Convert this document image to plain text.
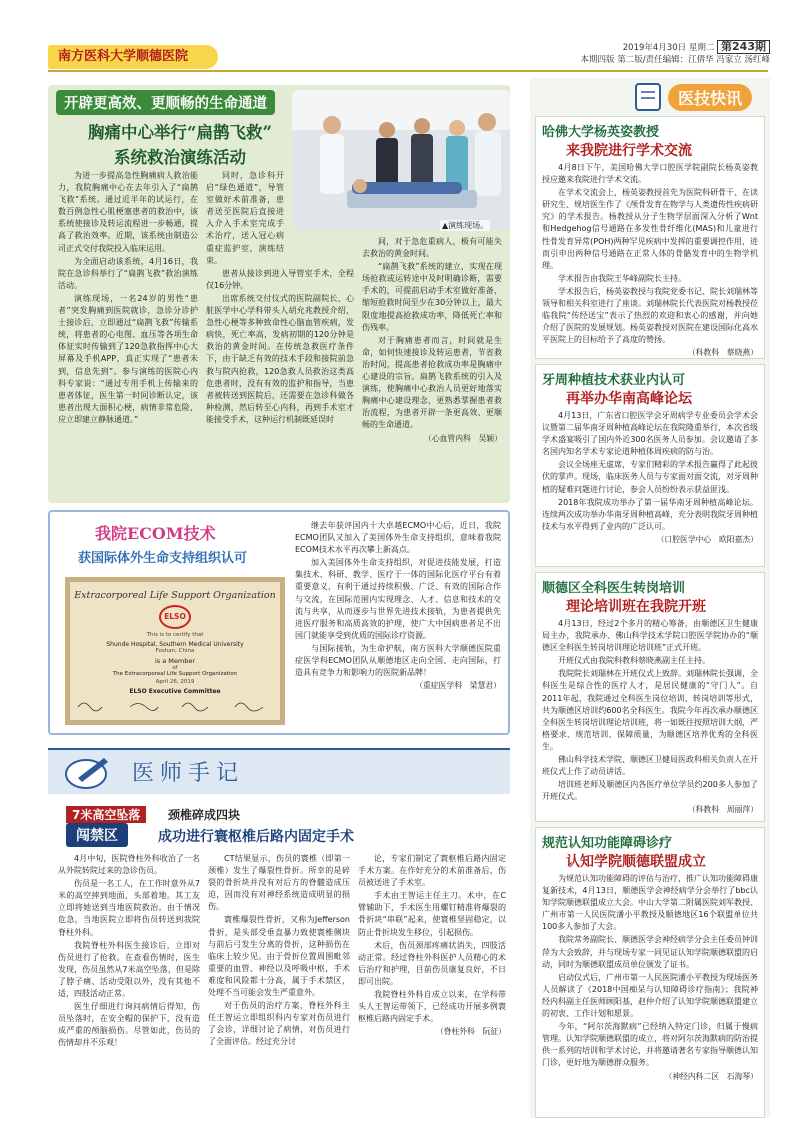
南方医科大学顺德医院
2019年4月30日 星期二 第243期
本期四版 第二版/责任编辑：江倩华 冯家立 汤红峰
开辟更高效、更顺畅的生命通道
胸痛中心举行“扁鹊飞救”
系统救治演练活动
▲演练现场。

为进一步提高急性胸痛病人救治能力，我院胸痛中心在去年引入了“扁鹊飞救”系统。通过近半年的试运行，在数百例急性心肌梗塞患者的救治中，该系统使接诊及转运流程进一步畅通，提高了救治效率。近期，该系统由制造公司正式交付我院投入临床运用。

为全面启动该系统，4月16日，我院在急诊科举行了“扁鹊飞救”救治演练活动。

演练现场，一名24岁的男性“患者”突发胸痛到医院就诊，急诊分诊护士接诊后，立即通过“扁鹊飞救”传输系统，将患者的心电图、血压等各项生命体征实时传输到了120急救指挥中心大屏幕及手机APP，真正实现了“患者未到，信息先到”。参与演练的医院心内科专家说：“通过专用手机上传输来的患者体征，医生第一时间诊断认定，该患者出现大面积心梗，病情非常危险，应立即建立静脉通道。”

同时，急诊科开启“绿色通道”，导管室做好术前准备，患者送至医院后直接进入介入手术室完成手术治疗，送入冠心病重症监护室，演练结束。

患者从接诊到进入导管室手术，全程仅16分钟。

出席系统交付仪式的医院副院长、心脏医学中心学科带头人胡允兆教授介绍，急性心梗等多种致命性心脑血管疾病，发病快，死亡率高，发病初期的120分钟是救治的黄金时间。在传统急救医疗条件下，由于缺乏有效的技术手段和接院前急救与院内抢救，120急救人员救治这类高危患者时，没有有效的监护和指导，当患者被转送到医院后，还需要在急诊科做各种检测，然后转至心内科，再到手术室才能接受手术，这种运行机制既延误时

间，对于急危重病人，极有可能失去救治的黄金时间。

“扁鹊飞救”系统的建立，实现在现场抢救或运转途中及时明确诊断，需要手术的，可提前启动手术室做好准备，缩短抢救时间至少在30分钟以上，最大限度地提高抢救成功率，降低死亡率和伤残率。

对于胸痛患者而言，时间就是生命，如何快速接诊及转运患者，节省救治时间，提高患者抢救成功率是胸痛中心建设的宗旨。扁鹊飞救系统的引入及演练，使胸痛中心救治人员更好地落实胸痛中心建设理念，更熟悉掌握患者救治流程，为患者开辟一条更高效、更顺畅的生命通道。

（心血管内科　吴颖）

我院ECOM技术
获国际体外生命支持组织认可
Extracorporeal Life Support Organization
ELSO
This is to certify that
Shunde Hospital, Southern Medical University
Foshan, China
is a Member
of
The Extracorporeal Life Support Organization
April 26, 2019
ELSO Executive Committee

继去年获评国内十大卓越ECMO中心后，近日，我院ECMO团队又加入了美国体外生命支持组织，意味着我院ECOM技术水平再次攀上新高点。

加入美国体外生命支持组织，对促进技能发展，打造集技术、科研、教学、医疗于一体的国际化医疗平台有着重要意义，有利于通过持续积极、广泛、有效的国际合作与交流，在国际范围内实现理念、人才、信息和技术的交流与共享，从而逐步与世界先进技术接轨，为患者提供先进医疗服务和高质高效的护理，使广大中国病患者足不出国门就能享受到优质的国际诊疗资源。

与国际接轨，为生命护航，南方医科大学顺德医院重症医学科ECMO团队从顺德地区走向全国、走向国际，打造具有竞争力和影响力的医院新品牌！

（重症医学科　梁慧君）

医师手记
7米高空坠落	颈椎碎成四块
闯禁区	成功进行寰枢椎后路内固定手术

4月中旬，医院脊柱外科收治了一名从外院转院过来的急诊伤员。

伤员是一名工人，在工作时意外从7米的高空摔到地面，头部着地。其工友立即将她送到当地医院救治。由于情况危急，当地医院立即将伤员转送到我院脊柱外科。

我院脊柱外科医生接诊后，立即对伤员进行了抢救。在查看伤情时，医生发现，伤员虽然从7米高空坠落，但是除了脖子痛、活动受限以外，没有其他不适，四肢活动正常。

医生仔细进行询问病情后得知，伤员坠落时，在安全帽的保护下，没有造成严重的颅脑损伤。尽管如此，伤员的伤情却并不乐观！

CT结果显示，伤员的寰椎（即第一颈椎）发生了爆裂性骨折。所幸的是碎裂的骨折块并没有对后方的脊髓造成压迫，因而没有对神经系统造成明显的损伤。

寰椎爆裂性骨折，又称为Jefferson骨折，是头部受垂直暴力致使寰椎侧块与前后弓发生分离的骨折，这种损伤在临床上较少见。由于骨折位置周围毗邻重要的血管、神经以及呼吸中枢，手术难度和风险都十分高，属于手术禁区，处理不当可能会发生严重意外。

对于伤员的治疗方案，脊柱外科主任王智运立即组织科内专家对伤员进行了会诊，详细讨论了病情，对伤员进行了全面评估。经过充分讨

论，专家们制定了寰枢椎后路内固定手术方案。在作好充分的术前准备后，伤员被送进了手术室。

手术由王智运主任主刀。术中，在C臂辅助下，手术医生用螺钉精准将爆裂的骨折块“串联”起来，使寰椎坚固稳定，以防止骨折块发生移位，引起损伤。

术后，伤员颈部疼痛状消失，四肢活动正常。经过脊柱外科医护人员精心的术后治疗和护理，目前伤员康复良好，不日即可出院。

我院脊柱外科自成立以来，在学科带头人王智运带领下，已经成功开展多例寰枢椎后路内固定手术。

（脊柱外科　阮征）

医技快讯
哈佛大学杨英姿教授
来我院进行学术交流

4月8日下午，美国哈佛大学口腔医学院副院长杨英姿教授应邀来我院进行学术交流。

在学术交流会上，杨英姿教授首先为医院科研骨干、在读研究生、规培医生作了《颅骨发育在物学与人类遗传性疾病研究》的学术报告。杨教授从分子生物学层面深入分析了Wnt和Hedgehog信号通路在多发性骨纤维化(MAS)和儿童进行性骨发育异常(POH)两种罕见疾病中发挥的重要调控作用，进而引申出两种信号通路在正常人体的骨骼发育中的生物学机理。

学术报告由我院王华峰副院长主持。

学术报告后，杨英姿教授与我院党委书记、院长刘瑞林等领导和相关科室进行了座谈。刘瑞林院长代表医院对杨教授莅临我院“传经送宝”表示了热烈的欢迎和衷心的感谢，并向她介绍了医院的发展规划。杨英姿教授对医院在建设国际化高水平医院上的目标给予了高度的赞扬。

（科教科　蔡晓燕）

牙周种植技术获业内认可
再举办华南高峰论坛

4月13日，广东省口腔医学会牙周病学专业委员会学术会议暨第二届华南牙周种植高峰论坛在我院隆重举行，本次省级学术盛宴吸引了国内外近300名医务人员参加。会议邀请了多名国内知名学术专家论道种植体周疾病的防与治。

会议全场座无虚席，专家们精彩的学术报告赢得了此起彼伏的掌声。现场，临床医务人员与专家面对面交流，对牙周种植的疑难问题进行讨论，参会人员纷纷表示获益匪浅。

2018年我院成功举办了第一届华南牙周种植高峰论坛。连续两次成功举办华南牙周种植高峰，充分表明我院牙周种植技术与水平得到了业内的广泛认可。

（口腔医学中心　欧阳嘉杰）

顺德区全科医生转岗培训
理论培训班在我院开班

4月13日，经过2个多月的精心筹备，由顺德区卫生健康局主办，我院承办、佛山科学技术学院口腔医学院协办的“顺德区全科医生转岗培训理论培训班”正式开班。

开班仪式由我院科教科蔡晓燕副主任主持。

我院院长刘瑞林在开班仪式上致辞。刘瑞林院长强调，全科医生是综合性的医疗人才，是居民健康的“守门人”。自2011年起，我院通过全科医生岗位培训、转岗培训等形式，共为顺德区培训约600名全科医生。我院今年再次承办顺德区全科医生转岗培训理论培训班，将一如既往按照培训大纲，严格要求、规范培训、保障质量，为顺德区培养优秀的全科医生。

佛山科学技术学院、顺德区卫健局医政科相关负责人在开班仪式上作了动员讲话。

培训班老师及顺德区内各医疗单位学员约200多人参加了开班仪式。

（科教科　周丽萍）

规范认知功能障碍诊疗
认知学院顺德联盟成立

为规范认知功能障碍的评估与治疗，推广认知功能障碍康复新技术，4月13日，顺德医学会神经病学分会举行了bbc认知学院顺德联盟成立大会。中山大学第二附属医院刘军教授、广州市第一人民医院潘小平教授及顺德地区16个联盟单位共100多人参加了大会。

我院常务副院长、顺德医学会神经病学分会主任委员钟训萍为大会致辞，并与现场专家一同见证认知学院顺德联盟的启动，同时为顺德联盟成员单位颁发了证书。

启动仪式后，广州市第一人民医院潘小平教授为现场医务人员解读了《2018中国痴呆与认知障碍诊疗指南》；我院神经内科副主任医师顾阳基，赵仲介绍了认知学院顺德联盟建立的初衷、工作计划和愿景。

今年，“阿尔茨海默病”已经纳入特定门诊，归属于慢病管理。认知学院顺德联盟的成立，将对阿尔茨海默病的防治提供一系列的培训和学术讨论，并将邀请著名专家指导顺德认知门诊，更好地为顺德群众服务。

（神经内科二区　石海琴）
